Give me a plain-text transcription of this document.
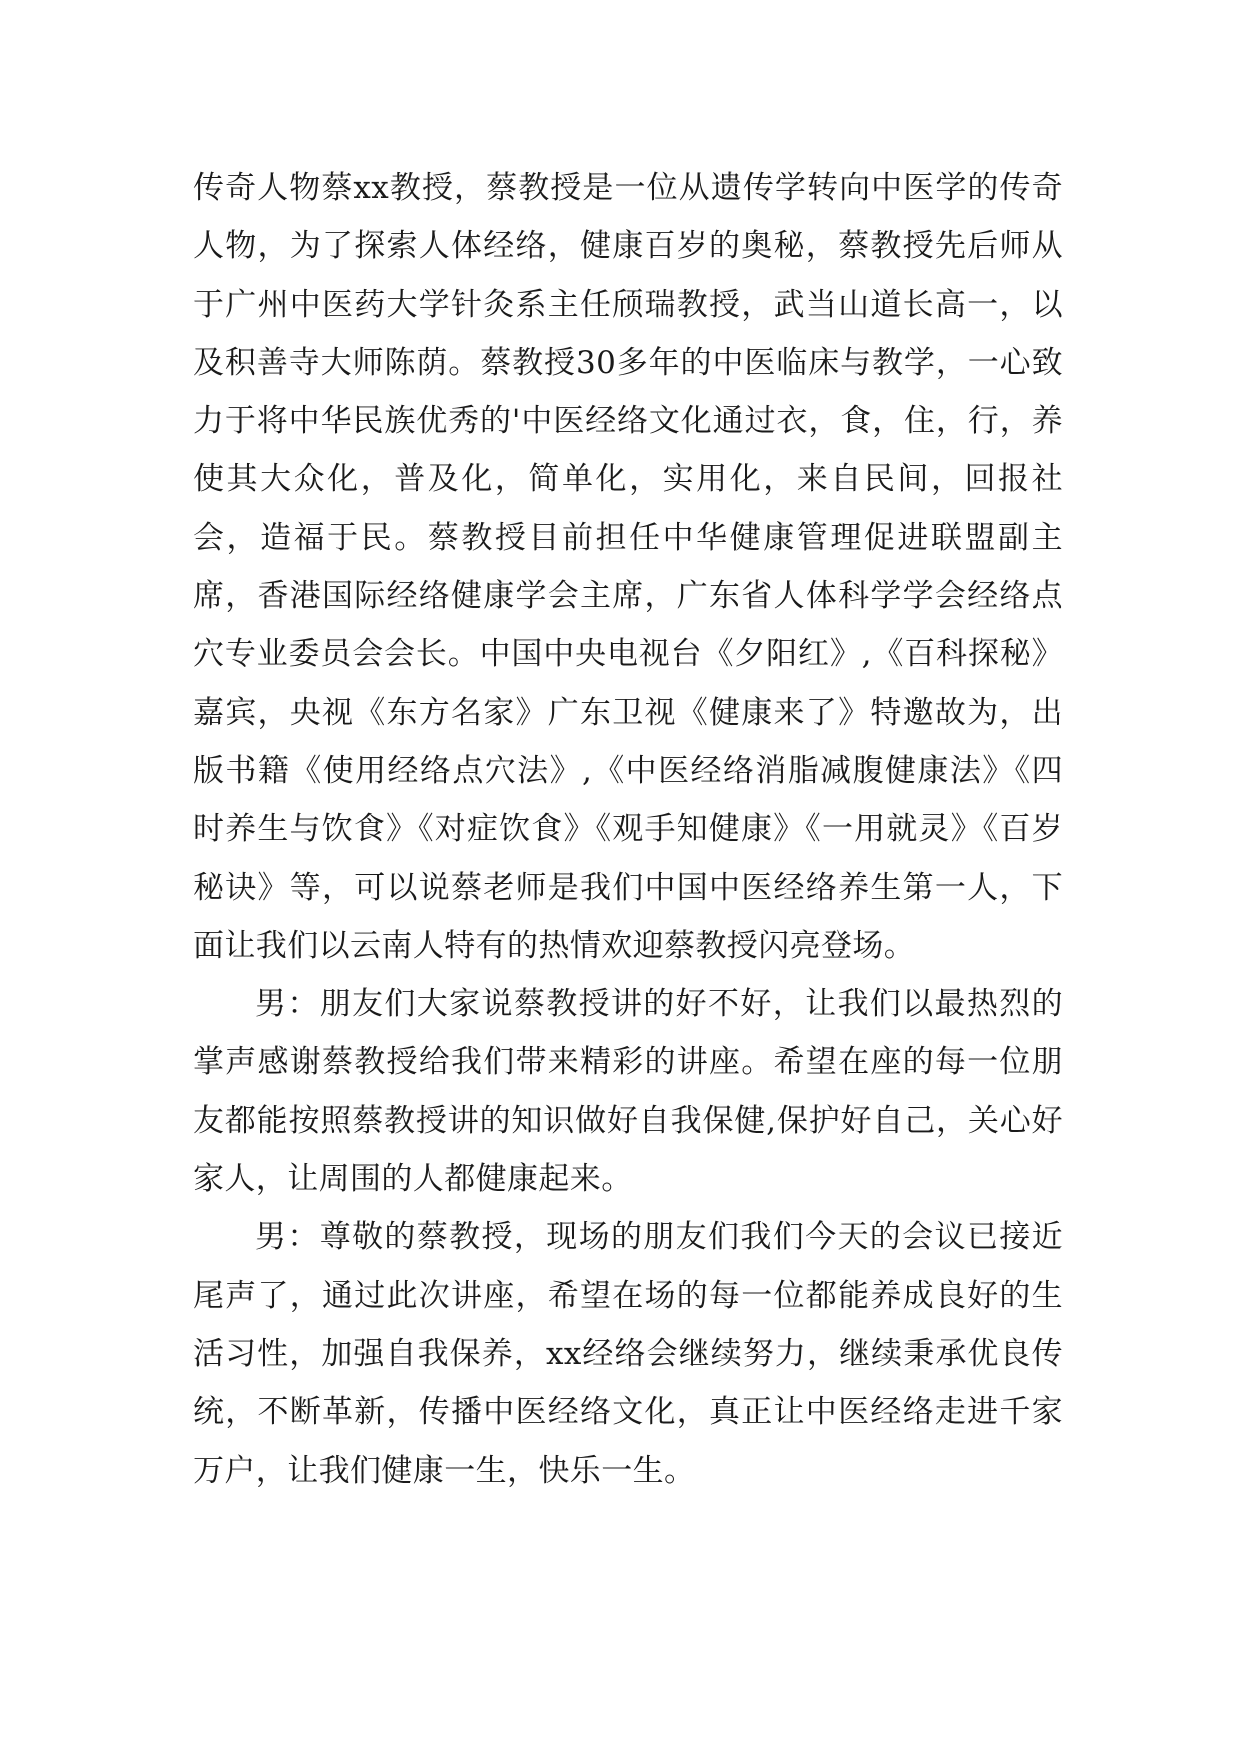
传奇人物蔡xx教授，蔡教授是一位从遗传学转向中医学的传奇人物，为了探索人体经络，健康百岁的奥秘，蔡教授先后师从于广州中医药大学针灸系主任颀瑞教授，武当山道长高一，以及积善寺大师陈荫。蔡教授30多年的中医临床与教学，一心致力于将中华民族优秀的'中医经络文化通过衣，食，住，行，养使其大众化，普及化，简单化，实用化，来自民间，回报社会，造福于民。蔡教授目前担任中华健康管理促进联盟副主席，香港国际经络健康学会主席，广东省人体科学学会经络点穴专业委员会会长。中国中央电视台《夕阳红》,《百科探秘》嘉宾，央视《东方名家》广东卫视《健康来了》特邀故为，出版书籍《使用经络点穴法》,《中医经络消脂减腹健康法》《四时养生与饮食》《对症饮食》《观手知健康》《一用就灵》《百岁秘诀》等，可以说蔡老师是我们中国中医经络养生第一人，下面让我们以云南人特有的热情欢迎蔡教授闪亮登场。

男：朋友们大家说蔡教授讲的好不好，让我们以最热烈的掌声感谢蔡教授给我们带来精彩的讲座。希望在座的每一位朋友都能按照蔡教授讲的知识做好自我保健,保护好自己，关心好家人，让周围的人都健康起来。

男：尊敬的蔡教授，现场的朋友们我们今天的会议已接近尾声了，通过此次讲座，希望在场的每一位都能养成良好的生活习性，加强自我保养，xx经络会继续努力，继续秉承优良传统，不断革新，传播中医经络文化，真正让中医经络走进千家万户，让我们健康一生，快乐一生。
